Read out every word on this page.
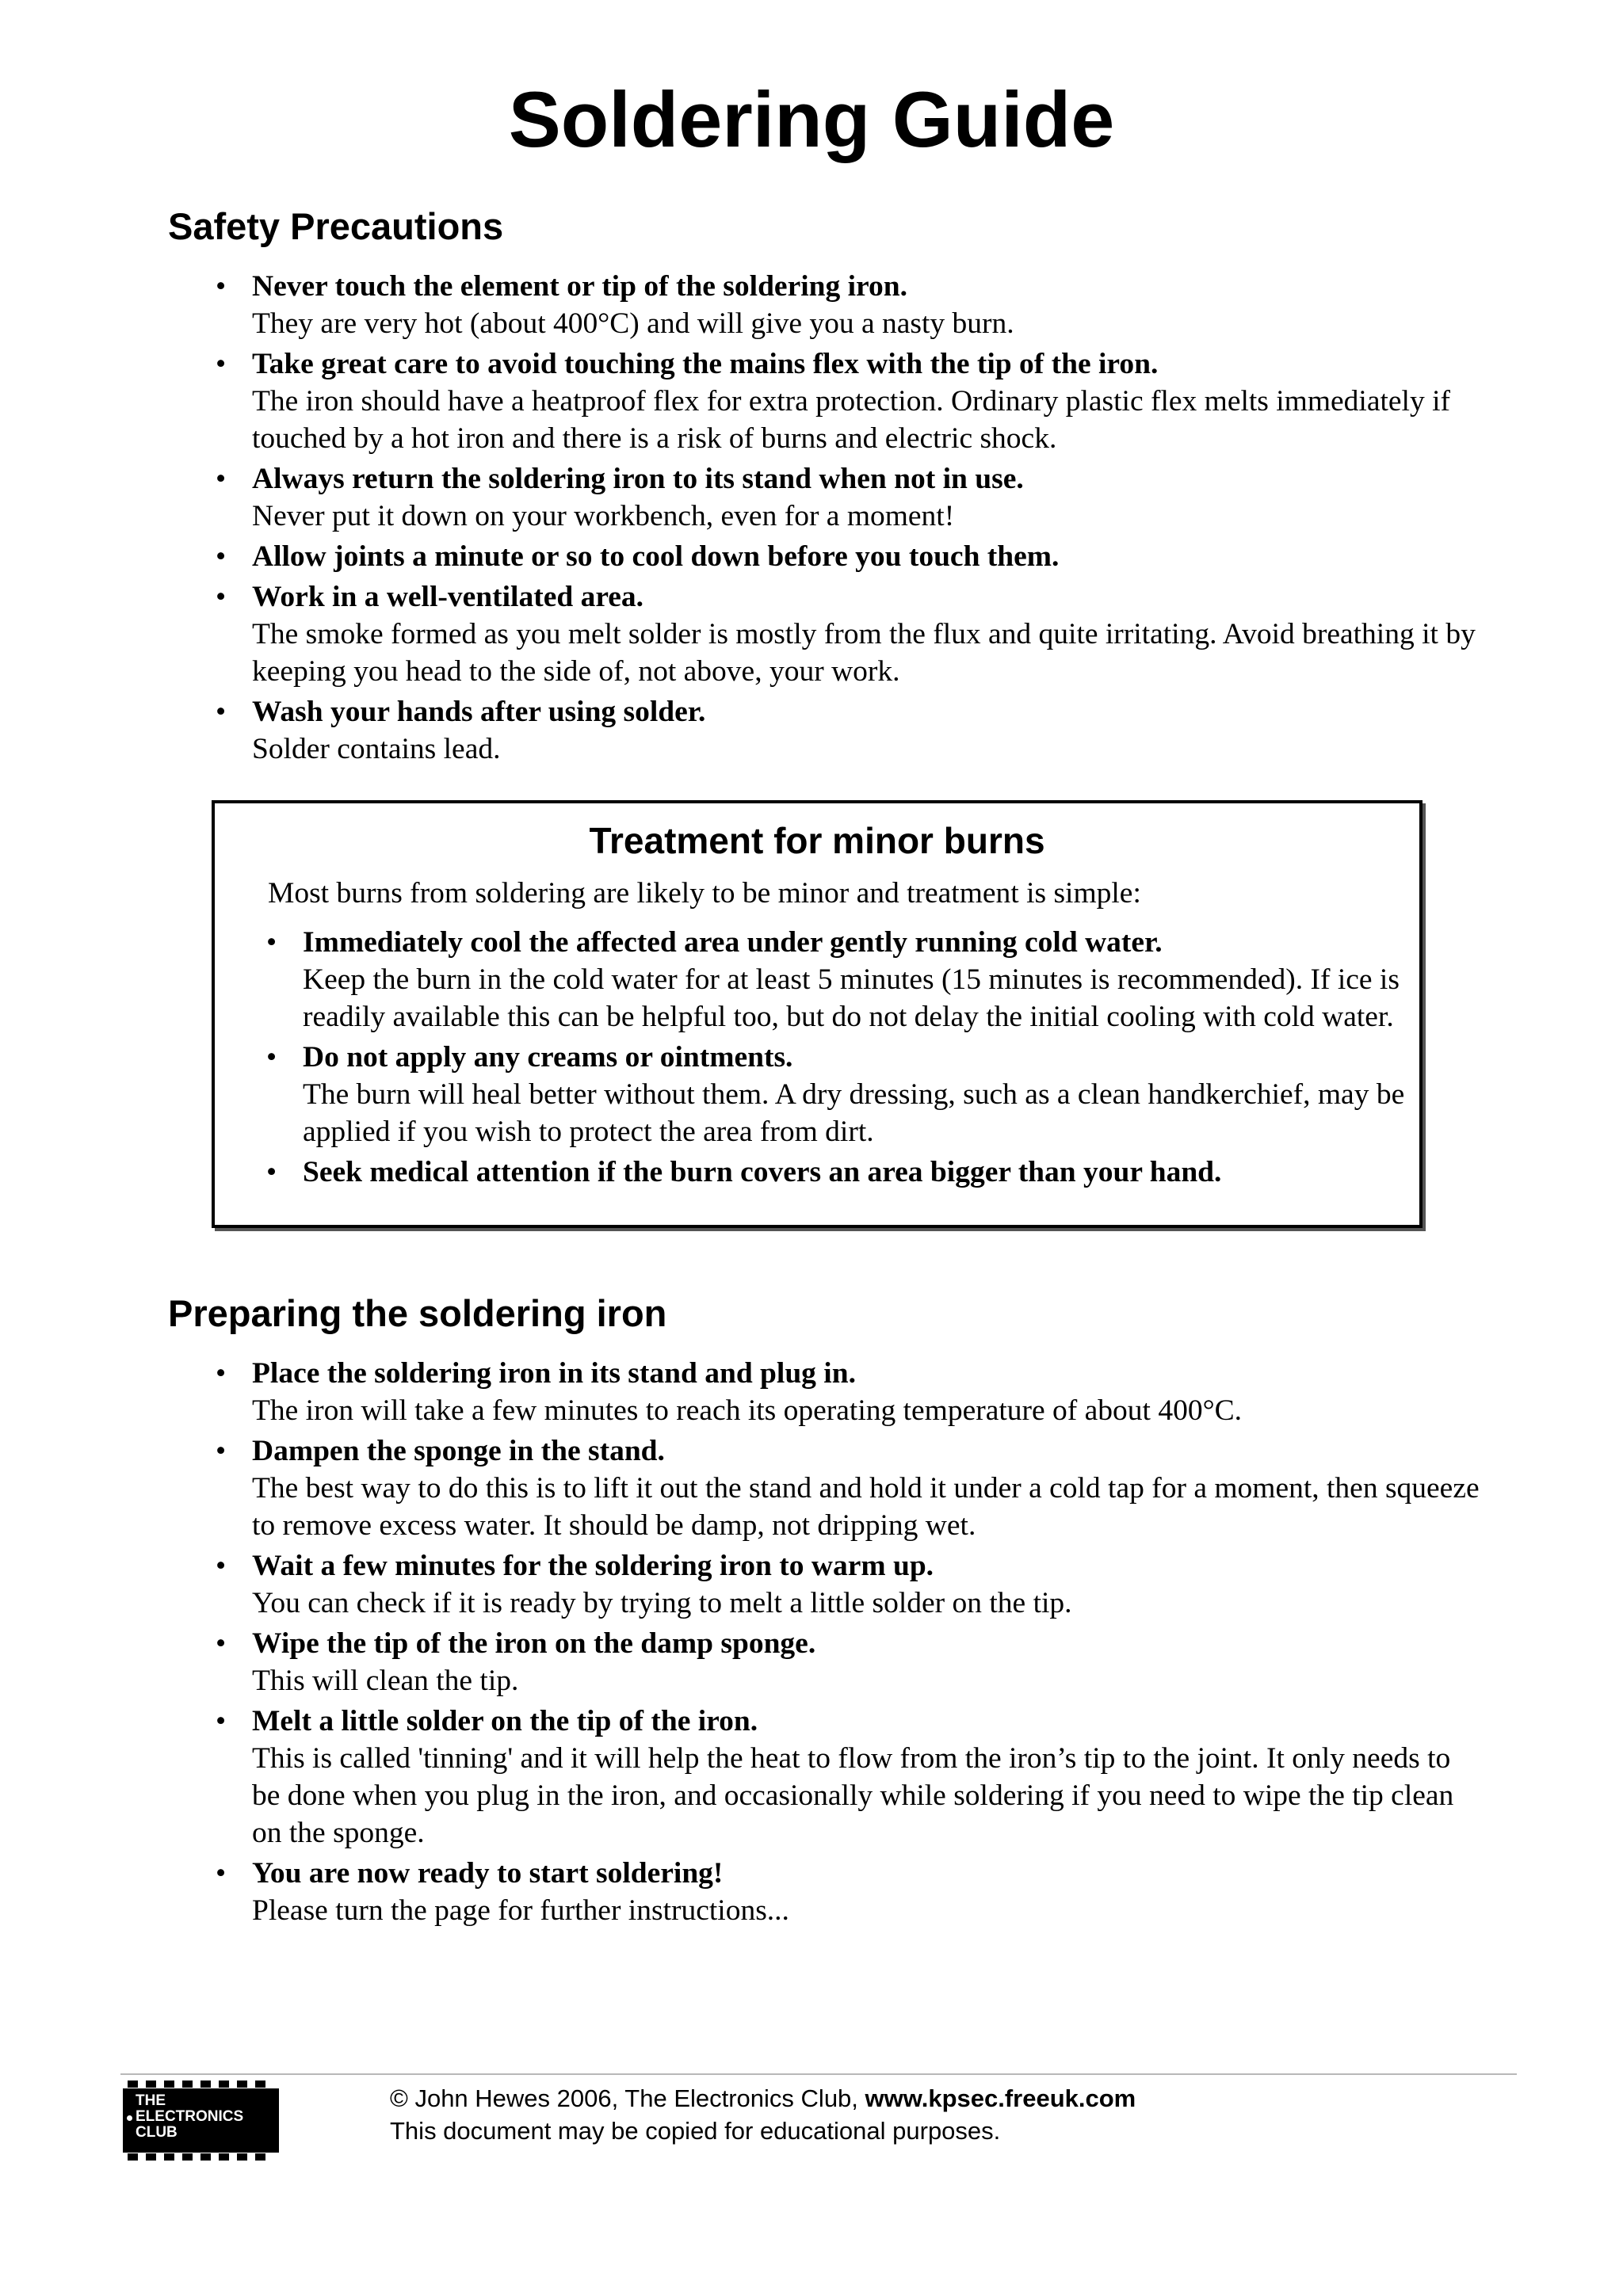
Soldering Guide
Safety Precautions
• Never touch the element or tip of the soldering iron.
They are very hot (about 400°C) and will give you a nasty burn.
• Take great care to avoid touching the mains flex with the tip of the iron.
The iron should have a heatproof flex for extra protection. Ordinary plastic flex melts immediately if touched by a hot iron and there is a risk of burns and electric shock.
• Always return the soldering iron to its stand when not in use.
Never put it down on your workbench, even for a moment!
• Allow joints a minute or so to cool down before you touch them.
• Work in a well-ventilated area.
The smoke formed as you melt solder is mostly from the flux and quite irritating. Avoid breathing it by keeping you head to the side of, not above, your work.
• Wash your hands after using solder.
Solder contains lead.
Treatment for minor burns

Most burns from soldering are likely to be minor and treatment is simple:

• Immediately cool the affected area under gently running cold water.
Keep the burn in the cold water for at least 5 minutes (15 minutes is recommended). If ice is readily available this can be helpful too, but do not delay the initial cooling with cold water.
• Do not apply any creams or ointments.
The burn will heal better without them. A dry dressing, such as a clean handkerchief, may be applied if you wish to protect the area from dirt.
• Seek medical attention if the burn covers an area bigger than your hand.
Preparing the soldering iron
• Place the soldering iron in its stand and plug in.
The iron will take a few minutes to reach its operating temperature of about 400°C.
• Dampen the sponge in the stand.
The best way to do this is to lift it out the stand and hold it under a cold tap for a moment, then squeeze to remove excess water. It should be damp, not dripping wet.
• Wait a few minutes for the soldering iron to warm up.
You can check if it is ready by trying to melt a little solder on the tip.
• Wipe the tip of the iron on the damp sponge.
This will clean the tip.
• Melt a little solder on the tip of the iron.
This is called 'tinning' and it will help the heat to flow from the iron’s tip to the joint. It only needs to be done when you plug in the iron, and occasionally while soldering if you need to wipe the tip clean on the sponge.
• You are now ready to start soldering!
Please turn the page for further instructions...
THE
ELECTRONICS
CLUB

© John Hewes 2006, The Electronics Club, www.kpsec.freeuk.com
This document may be copied for educational purposes.
